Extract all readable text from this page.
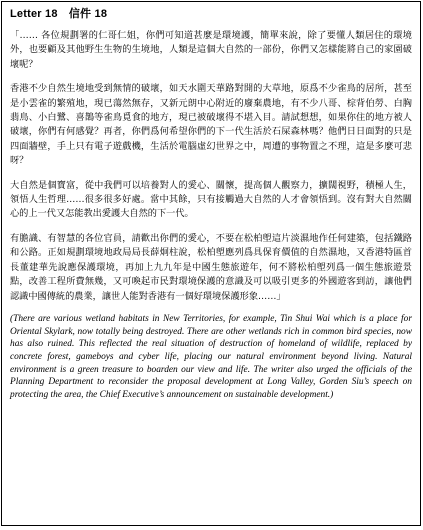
Letter 18　信件 18

「…… 各位規劃署的仁哥仁姐，你們可知道甚麼是環境護，簡單來說，除了要懂人類居住的環境外，也要顧及其他野生生物的生境地，人類是這個大自然的一部份，你們又怎樣能將自己的家園破壞呢？

香港不少自然生境地受到無情的破壞，如天水圍天華路對開的大草地，原爲不少雀鳥的居所，甚至是小雲雀的繁殖地，現已蕩然無存，又新元朗中心附近的廢棄農地，有不少八哥、棕背伯勞、白胸翡鳥、小白鷺、喜鵲等雀鳥覓食的地方，現已被破壞得不堪入目。請試想想，如果你住的地方被人破壞，你們有何感覺？再者，你們爲何希望你們的下一代生活於石屎森林嗎？他們日日面對的只是四面牆壁，手上只有電子遊戲機，生活於電腦虛幻世界之中，周遭的事物置之不理，這是多麼可悲呀？

大自然是個寶富，從中我們可以培養對人的愛心、關懷，提高個人觀察力，擴闊視野，積極人生，領悟人生哲理……很多很多好處。當中其餘，只有接觸過大自然的人才會領悟到。沒有對大自然關心的上一代又怎能教出愛護大自然的下一代。

有膽識、有智慧的各位官員，請歡出你們的愛心，不要在松柏塱這片淡濕地作任何建築，包括鐵路和公路。正如規劃環境地政局局長薛炯柱說，松柏塱應列爲具保育價值的自然濕地，又香港特區首長董建華先說應保護環境，再加上九九年是中國生態旅遊年，何不將松柏塱列爲一個生態旅遊景點，改善工程所費無幾，又可喚起市民對環境保護的意識及可以吸引更多的外國遊客到訪，讓他們認識中國傳統的農業，讓世人能對香港有一個好環境保護形象……」

(There are various wetland habitats in New Territories, for example, Tin Shui Wai which is a place for Oriental Skylark, now totally being destroyed. There are other wetlands rich in common bird species, now has also ruined. This reflected the real situation of destruction of homeland of wildlife, replaced by concrete forest, gameboys and cyber life, placing our natural environment beyond living. Natural environment is a green treasure to boarden our view and life. The writer also urged the officials of the Planning Department to reconsider the proposal development at Long Valley, Gorden Siu’s speech on protecting the area, the Chief Executive’s announcement on sustainable development.)
